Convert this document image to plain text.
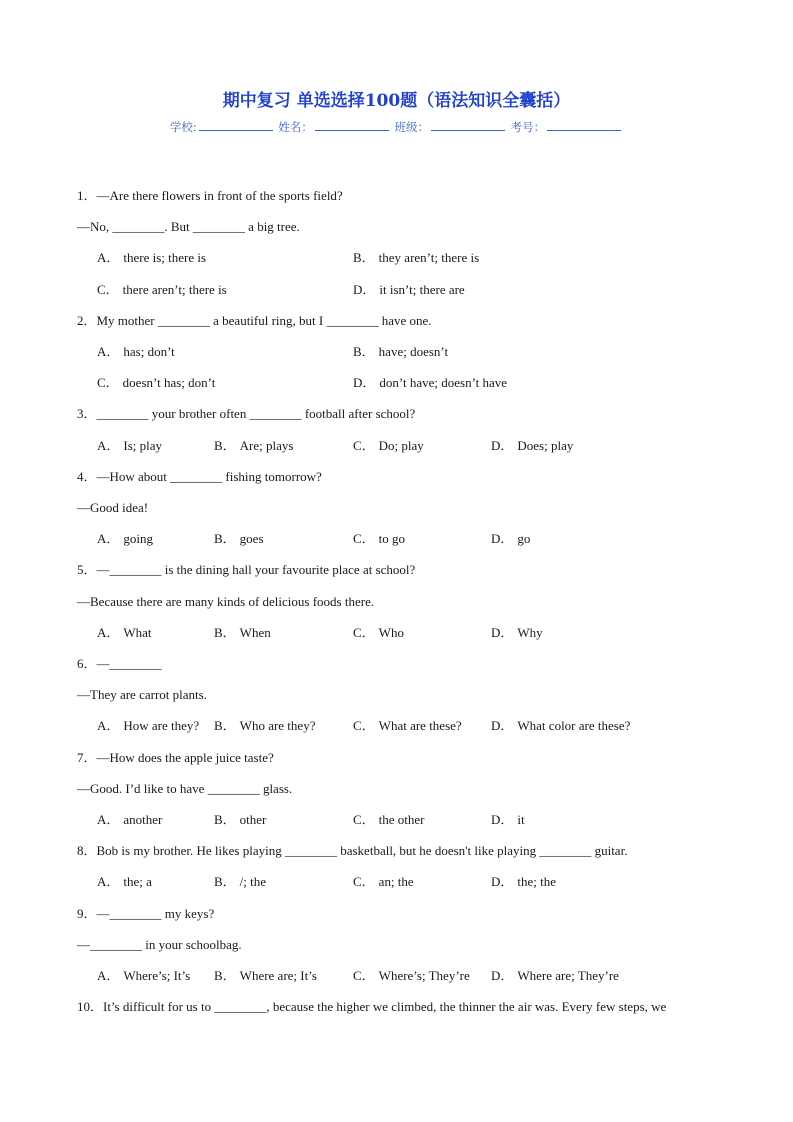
期中复习 单选选择100题（语法知识全囊括）
学校:	姓名：	班级：	考号：
1．—Are there flowers in front of the sports field?
—No, ________. But ________ a big tree.
A． there is; there is	B． they aren’t; there is
C． there aren’t; there is	D． it isn’t; there are
2．My mother ________ a beautiful ring, but I ________ have one.
A． has; don’t	B． have; doesn’t
C． doesn’t has; don’t	D． don’t have; doesn’t have
3．________ your brother often ________ football after school?
A． Is; play	B． Are; plays	C． Do; play	D． Does; play
4．—How about ________ fishing tomorrow?
—Good idea!
A． going	B． goes	C． to go	D． go
5．—________ is the dining hall your favourite place at school?
—Because there are many kinds of delicious foods there.
A． What	B． When	C． Who	D． Why
6．—________
—They are carrot plants.
A． How are they? B． Who are they?	C． What are these? D． What color are these?
7．—How does the apple juice taste?
—Good. I’d like to have ________ glass.
A． another	B． other	C． the other	D． it
8．Bob is my brother. He likes playing ________ basketball, but he doesn't like playing ________ guitar.
A． the; a	B． /; the	C． an; the	D． the; the
9．—________ my keys?
—________ in your schoolbag.
A． Where’s; It’s B． Where are; It’s	C． Where’s; They’re D． Where are; They’re
10．It’s difficult for us to ________, because the higher we climbed, the thinner the air was. Every few steps, we
